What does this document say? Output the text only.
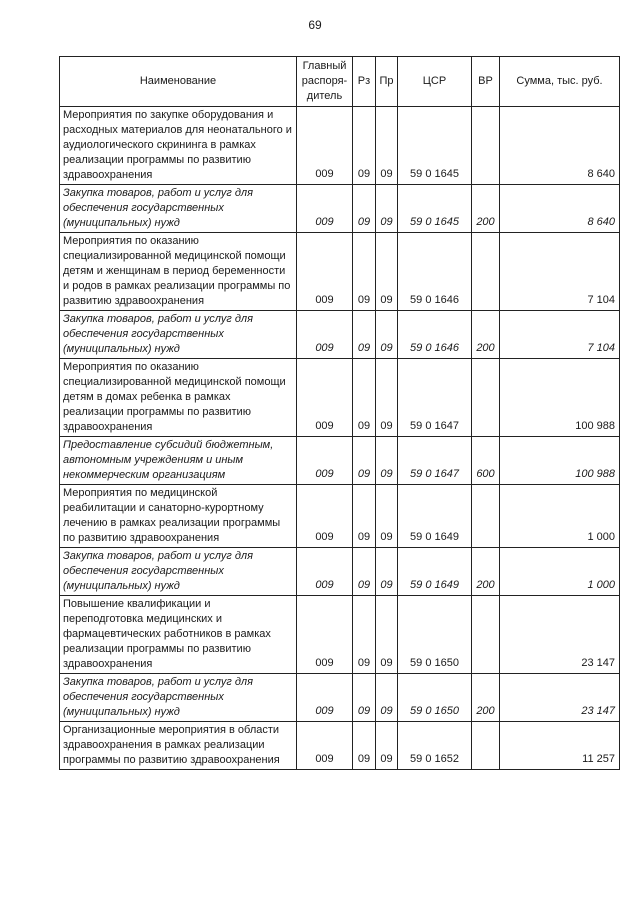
69
Наименование	Главный распоря-дитель	Рз	Пр	ЦСР	ВР	Сумма, тыс. руб.
Мероприятия по закупке оборудования и расходных материалов для неонатального и аудиологического скрининга в рамках реализации программы по развитию здравоохранения	009	09	09	59 0 1645		8 640
Закупка товаров, работ и услуг для обеспечения государственных (муниципальных) нужд	009	09	09	59 0 1645	200	8 640
Мероприятия по оказанию специализированной медицинской помощи детям и женщинам в период беременности и родов в рамках реализации программы по развитию здравоохранения	009	09	09	59 0 1646		7 104
Закупка товаров, работ и услуг для обеспечения государственных (муниципальных) нужд	009	09	09	59 0 1646	200	7 104
Мероприятия по оказанию специализированной медицинской помощи детям в домах ребенка в рамках реализации программы по развитию здравоохранения	009	09	09	59 0 1647		100 988
Предоставление субсидий бюджетным, автономным учреждениям и иным некоммерческим организациям	009	09	09	59 0 1647	600	100 988
Мероприятия по медицинской реабилитации и санаторно-курортному лечению в рамках реализации программы по развитию здравоохранения	009	09	09	59 0 1649		1 000
Закупка товаров, работ и услуг для обеспечения государственных (муниципальных) нужд	009	09	09	59 0 1649	200	1 000
Повышение квалификации и переподготовка медицинских и фармацевтических работников в рамках реализации программы по развитию здравоохранения	009	09	09	59 0 1650		23 147
Закупка товаров, работ и услуг для обеспечения государственных (муниципальных) нужд	009	09	09	59 0 1650	200	23 147
Организационные мероприятия в области здравоохранения в рамках реализации программы по развитию здравоохранения	009	09	09	59 0 1652		11 257
